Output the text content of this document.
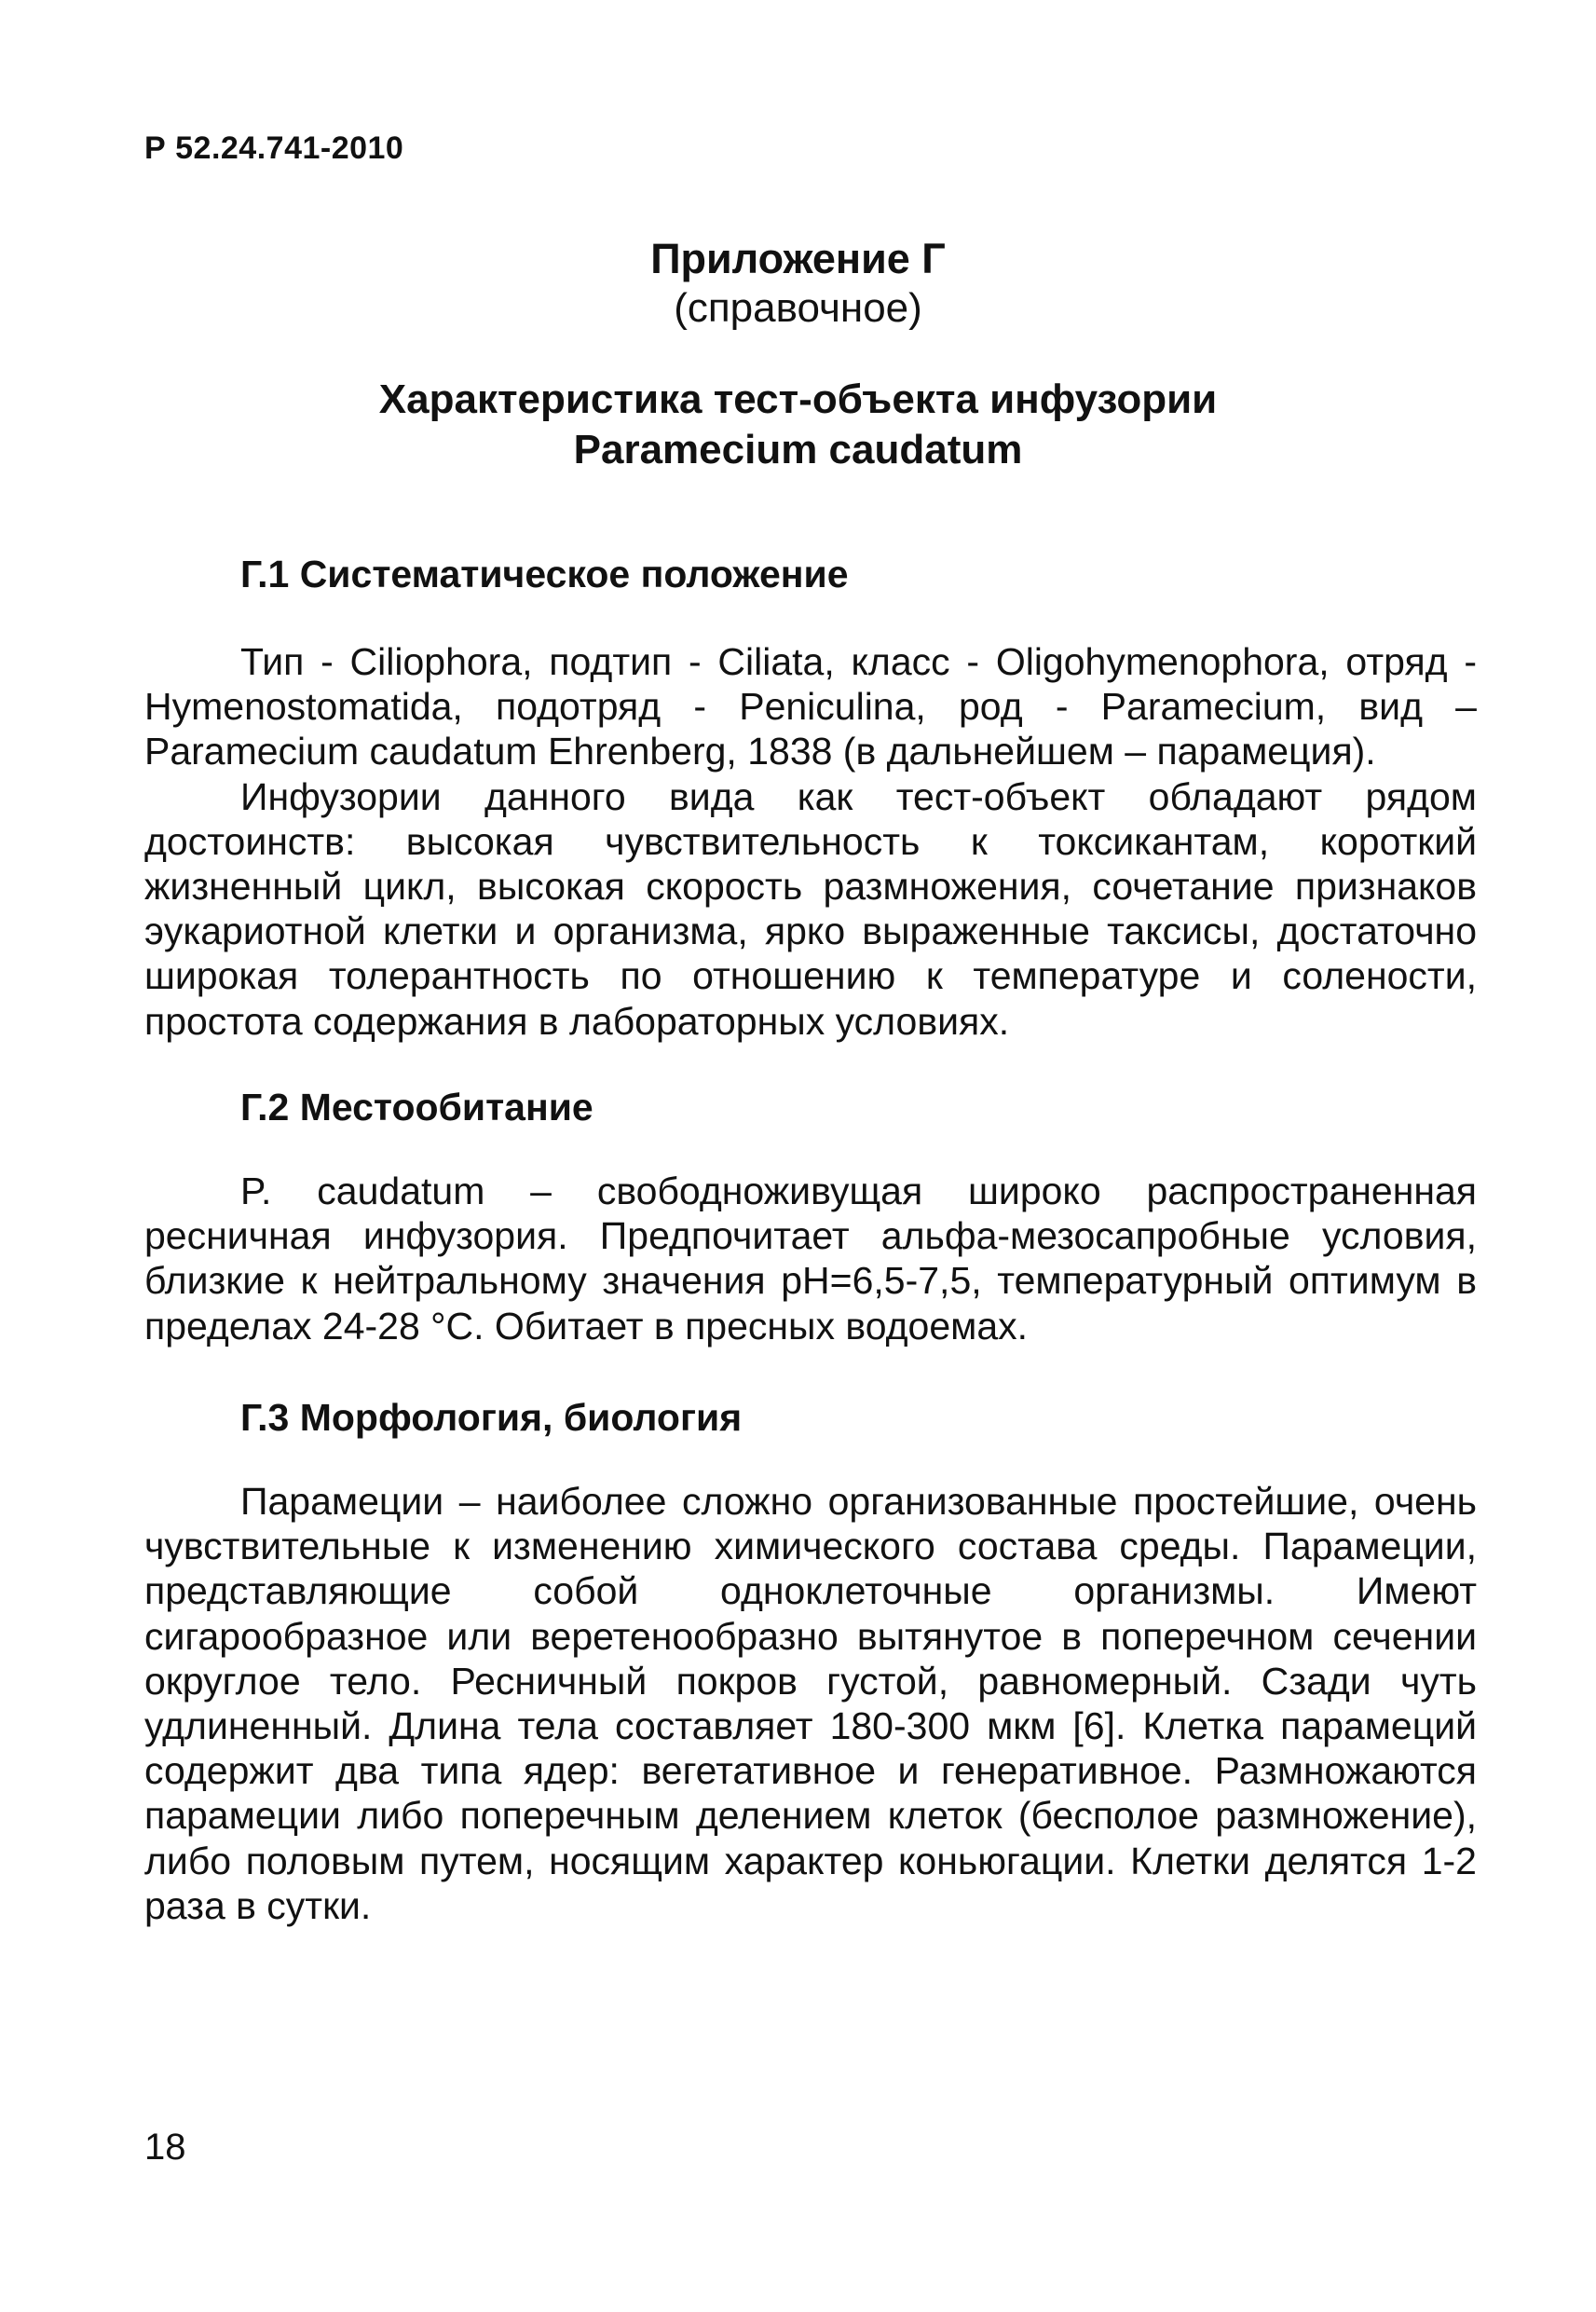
Р 52.24.741-2010
Приложение Г
(справочное)
Характеристика тест-объекта инфузории
Paramecium caudatum
Г.1 Систематическое положение

Тип - Ciliophora, подтип - Ciliata, класс - Oligohymenophora, отряд - Hymenostomatida, подотряд - Peniculina, род - Paramecium, вид – Paramecium caudatum Ehrenberg, 1838 (в дальнейшем – парамеция).

Инфузории данного вида как тест-объект обладают рядом достоинств: высокая чувствительность к токсикантам, короткий жизненный цикл, высокая скорость размножения, сочетание признаков эукариотной клетки и организма, ярко выраженные таксисы, достаточно широкая толерантность по отношению к температуре и солености, простота содержания в лабораторных условиях.

Г.2 Местообитание

P. caudatum – свободноживущая широко распространенная ресничная инфузория. Предпочитает альфа-мезосапробные условия, близкие к нейтральному значения pH=6,5-7,5, температурный оптимум в пределах 24-28 °С. Обитает в пресных водоемах.

Г.3 Морфология, биология

Парамеции – наиболее сложно организованные простейшие, очень чувствительные к изменению химического состава среды. Парамеции, представляющие собой одноклеточные организмы. Имеют сигарообразное или веретенообразно вытянутое в поперечном сечении округлое тело. Ресничный покров густой, равномерный. Сзади чуть удлиненный. Длина тела составляет 180-300 мкм [6]. Клетка парамеций содержит два типа ядер: вегетативное и генеративное. Размножаются парамеции либо поперечным делением клеток (бесполое размножение), либо половым путем, носящим характер коньюгации. Клетки делятся 1-2 раза в сутки.

18
